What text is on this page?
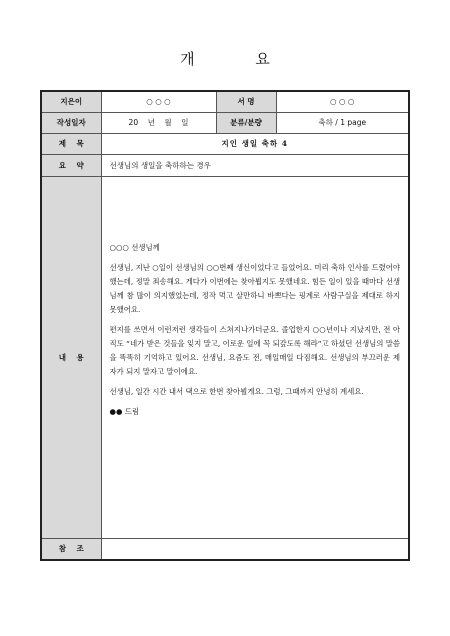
개 요
지은이	○ ○ ○	서 명	○ ○ ○
작성일자	20    년    월    일	분류/분량	축하 / 1 page
제    목	지인 생일 축하 4		
요    약	선생님의 생일을 축하하는 경우		
내    용	○○○ 선생님께

선생님, 지난 ○일이 선생님의 ○○번째 생신이었다고 들었어요. 미리 축하 인사를 드렸어야 했는데, 정말 죄송해요. 게다가 이번에는 찾아뵙지도 못했네요. 힘든 일이 있을 때마다 선생님께 참 많이 의지했었는데, 정작 먹고 살만하니 바쁘다는 핑계로 사람구실을 제대로 하지 못했어요.

편지를 쓰면서 이런저런 생각들이 스쳐지나가더군요. 졸업한지 ○○년이나 지났지만, 전 아직도 “네가 받은 것들을 잊지 말고, 이로운 일에 꼭 되갚도록 해라”고 하셨던 선생님의 말씀을 똑똑히 기억하고 있어요. 선생님, 요즘도 전, 매일매일 다짐해요. 선생님의 부끄러운 제자가 되지 말자고 말이에요.

선생님, 일간 시간 내서 댁으로 한번 찾아뵐게요. 그럼, 그때까지 안녕히 계세요.

●● 드림		

참    조			
